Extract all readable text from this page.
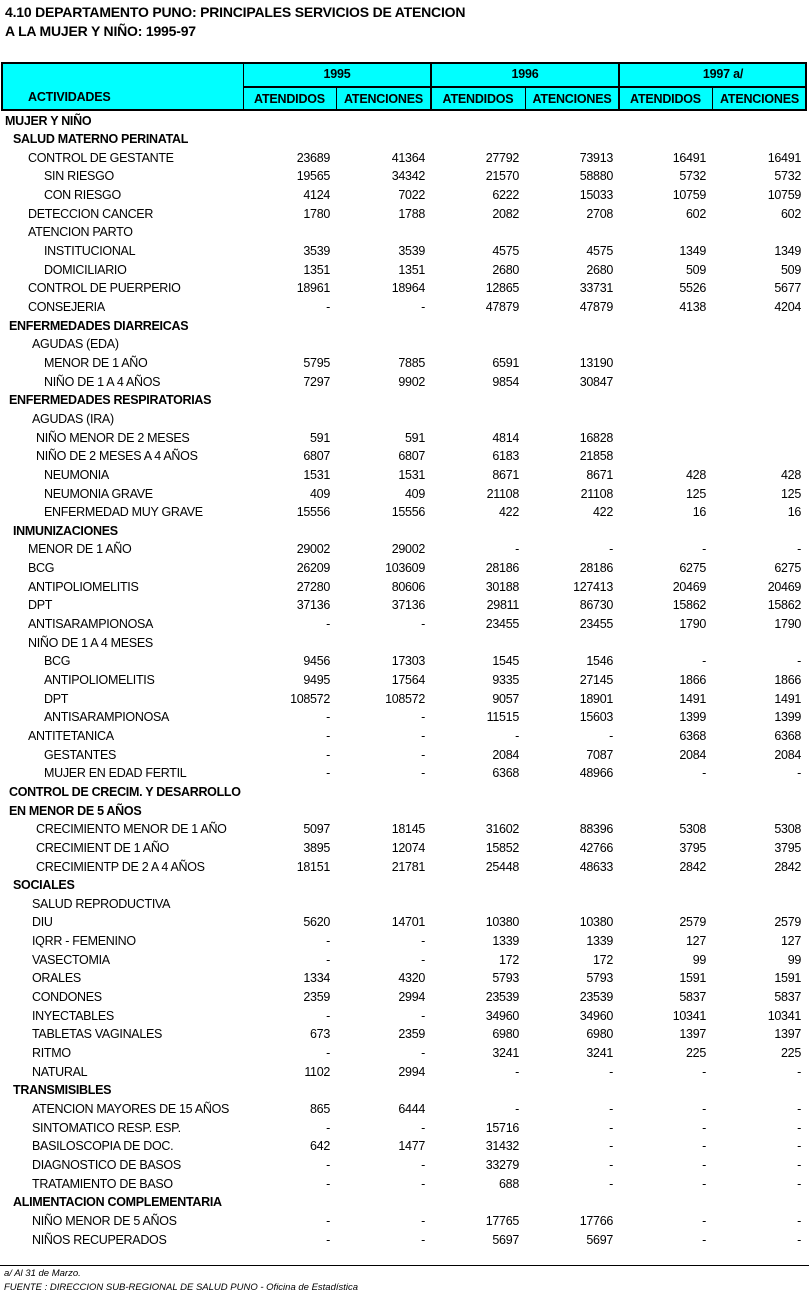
4.10 DEPARTAMENTO PUNO: PRINCIPALES SERVICIOS DE ATENCION
A LA MUJER Y NIÑO: 1995-97
ACTIVIDADES
1995	1996	1997 a/
ATENDIDOS	ATENCIONES	ATENDIDOS	ATENCIONES	ATENDIDOS	ATENCIONES
MUJER Y NIÑO
SALUD MATERNO PERINATAL
CONTROL DE GESTANTE	23689	41364	27792	73913	16491	16491
SIN RIESGO	19565	34342	21570	58880	5732	5732
CON RIESGO	4124	7022	6222	15033	10759	10759
DETECCION CANCER	1780	1788	2082	2708	602	602
ATENCION PARTO
INSTITUCIONAL	3539	3539	4575	4575	1349	1349
DOMICILIARIO	1351	1351	2680	2680	509	509
CONTROL DE PUERPERIO	18961	18964	12865	33731	5526	5677
CONSEJERIA	-	-	47879	47879	4138	4204
ENFERMEDADES DIARREICAS
AGUDAS (EDA)
MENOR DE 1 AÑO	5795	7885	6591	13190
NIÑO DE 1 A 4 AÑOS	7297	9902	9854	30847
ENFERMEDADES RESPIRATORIAS
AGUDAS (IRA)
NIÑO MENOR DE 2 MESES	591	591	4814	16828
NIÑO DE 2 MESES A 4 AÑOS	6807	6807	6183	21858
NEUMONIA	1531	1531	8671	8671	428	428
NEUMONIA GRAVE	409	409	21108	21108	125	125
ENFERMEDAD MUY GRAVE	15556	15556	422	422	16	16
INMUNIZACIONES
MENOR DE 1 AÑO	29002	29002	-	-	-	-
BCG	26209	103609	28186	28186	6275	6275
ANTIPOLIOMELITIS	27280	80606	30188	127413	20469	20469
DPT	37136	37136	29811	86730	15862	15862
ANTISARAMPIONOSA	-	-	23455	23455	1790	1790
NIÑO DE 1 A 4 MESES
BCG	9456	17303	1545	1546	-	-
ANTIPOLIOMELITIS	9495	17564	9335	27145	1866	1866
DPT	108572	108572	9057	18901	1491	1491
ANTISARAMPIONOSA	-	-	11515	15603	1399	1399
ANTITETANICA	-	-	-	-	6368	6368
GESTANTES	-	-	2084	7087	2084	2084
MUJER EN EDAD FERTIL	-	-	6368	48966	-	-
CONTROL DE CRECIM. Y DESARROLLO
EN MENOR DE 5 AÑOS
CRECIMIENTO MENOR DE 1 AÑO	5097	18145	31602	88396	5308	5308
CRECIMIENT DE 1 AÑO	3895	12074	15852	42766	3795	3795
CRECIMIENTP DE 2 A 4 AÑOS	18151	21781	25448	48633	2842	2842
SOCIALES
SALUD REPRODUCTIVA
DIU	5620	14701	10380	10380	2579	2579
IQRR - FEMENINO	-	-	1339	1339	127	127
VASECTOMIA	-	-	172	172	99	99
ORALES	1334	4320	5793	5793	1591	1591
CONDONES	2359	2994	23539	23539	5837	5837
INYECTABLES	-	-	34960	34960	10341	10341
TABLETAS VAGINALES	673	2359	6980	6980	1397	1397
RITMO	-	-	3241	3241	225	225
NATURAL	1102	2994	-	-	-	-
TRANSMISIBLES
ATENCION MAYORES DE 15 AÑOS	865	6444	-	-	-	-
SINTOMATICO RESP. ESP.	-	-	15716	-	-	-
BASILOSCOPIA DE DOC.	642	1477	31432	-	-	-
DIAGNOSTICO DE BASOS	-	-	33279	-	-	-
TRATAMIENTO DE BASO	-	-	688	-	-	-
ALIMENTACION COMPLEMENTARIA
NIÑO MENOR DE 5 AÑOS	-	-	17765	17766	-	-
NIÑOS RECUPERADOS	-	-	5697	5697	-	-
a/ Al 31 de Marzo.
FUENTE : DIRECCION SUB-REGIONAL DE SALUD PUNO - Oficina de Estadística
